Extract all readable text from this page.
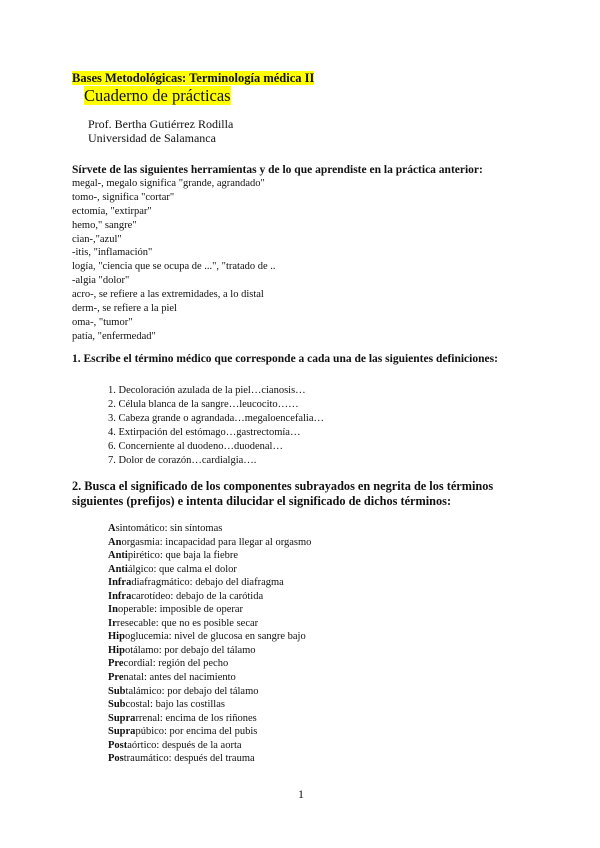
Bases Metodológicas: Terminología médica II
Cuaderno de prácticas
Prof. Bertha Gutiérrez Rodilla
Universidad de Salamanca
Sírvete de las siguientes herramientas y de lo que aprendiste en la práctica anterior:
megal-, megalo significa "grande, agrandado"
tomo-, significa "cortar"
ectomía, "extirpar"
hemo," sangre"
cian-,"azul"
-itis, "inflamación"
logía, "ciencia que se ocupa de ...", "tratado de ..
-algia "dolor"
acro-, se refiere a las extremidades, a lo distal
derm-, se refiere a la piel
oma-, "tumor"
patía, "enfermedad"
1. Escribe el término médico que corresponde a cada una de las siguientes definiciones:
1. Decoloración azulada de la piel…cianosis…
2. Célula blanca de la sangre…leucocito……
3. Cabeza grande o agrandada…megaloencefalia…
4. Extirpación del estómago…gastrectomía…
6. Concerniente al duodeno…duodenal…
7. Dolor de corazón…cardialgia….
2. Busca el significado de los componentes subrayados en negrita de los términos siguientes (prefijos) e intenta dilucidar el significado de dichos términos:
Asintomático: sin síntomas
Anorgasmia: incapacidad para llegar al orgasmo
Antipirético: que baja la fiebre
Antiálgico: que calma el dolor
Infradiafragmático: debajo del diafragma
Infracarotídeo: debajo de la carótida
Inoperable: imposible de operar
Irresecable: que no es posible secar
Hipoglucemia: nivel de glucosa en sangre bajo
Hipotálamo: por debajo del tálamo
Precordial: región del pecho
Prenatal: antes del nacimiento
Subtalámico: por debajo del tálamo
Subcostal: bajo las costillas
Suprarrenal: encima de los riñones
Suprapúbico: por encima del pubis
Postaórtico: después de la aorta
Postraumático: después del trauma
1
